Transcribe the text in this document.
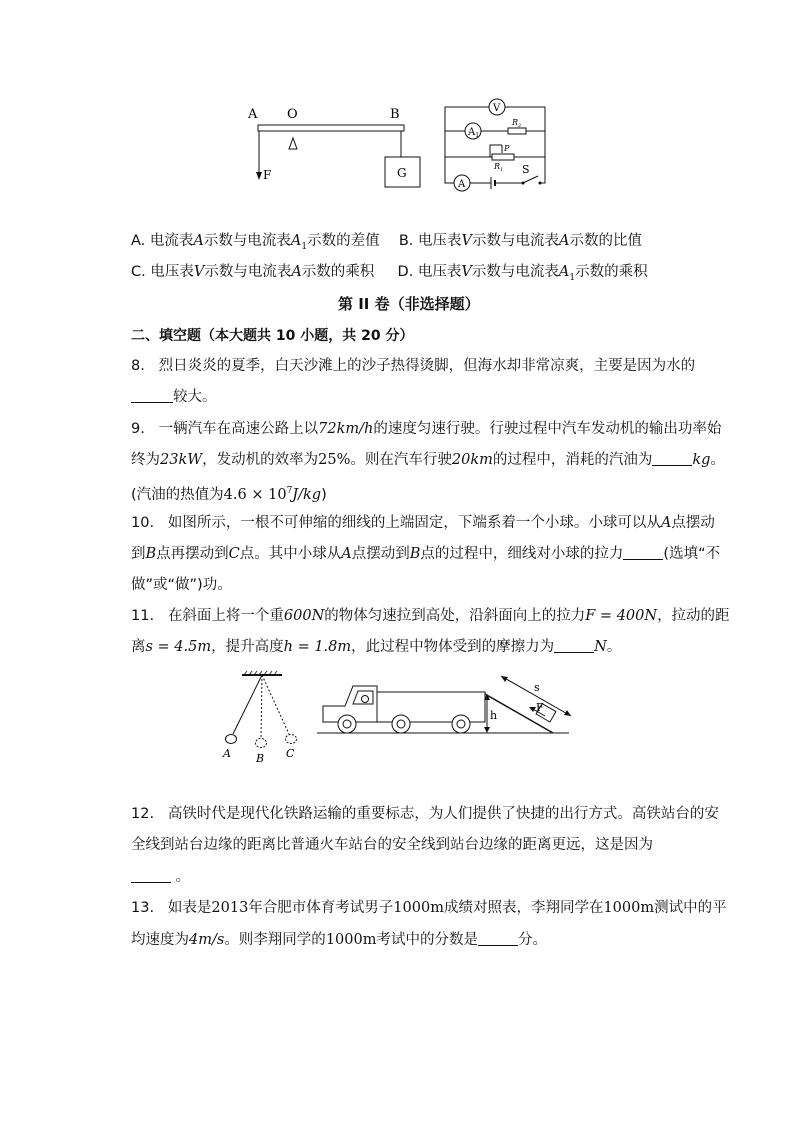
A O	B
F	G
V
$A_1$
$R_2$
P
$R_1$ S
A
A. 电流表A示数与电流表$A_1$示数的差值 B. 电压表V示数与电流表A示数的比值
C. 电压表V示数与电流表A示数的乘积 D. 电压表V示数与电流表$A_1$示数的乘积
第 II 卷（非选择题）
二、填空题（本大题共 10 小题，共 20 分）
8. 烈日炎炎的夏季，白天沙滩上的沙子热得烫脚，但海水却非常凉爽，主要是因为水的
较大。
9. 一辆汽车在高速公路上以72km/h的速度匀速行驶。行驶过程中汽车发动机的输出功率始
终为23kW，发动机的效率为25%。则在汽车行驶20km的过程中，消耗的汽油为	kg。
(汽油的热值为$4.6 \times 10^7J/kg$)
10. 如图所示，一根不可伸缩的细线的上端固定，下端系着一个小球。小球可以从A点摆动
到B点再摆动到C点。其中小球从A点摆动到B点的过程中，细线对小球的拉力	(选填“不
做”或“做”)功。
11. 在斜面上将一个重600N的物体匀速拉到高处，沿斜面向上的拉力F = 400N，拉动的距
离s = 4.5m，提升高度h = 1.8m，此过程中物体受到的摩擦力为	N。
A B C
h
s
F
12. 高铁时代是现代化铁路运输的重要标志，为人们提供了快捷的出行方式。高铁站台的安
全线到站台边缘的距离比普通火车站台的安全线到站台边缘的距离更远，这是因为
。
13. 如表是2013年合肥市体育考试男子1000m成绩对照表，李翔同学在1000m测试中的平
均速度为4m/s。则李翔同学的1000m考试中的分数是	分。
